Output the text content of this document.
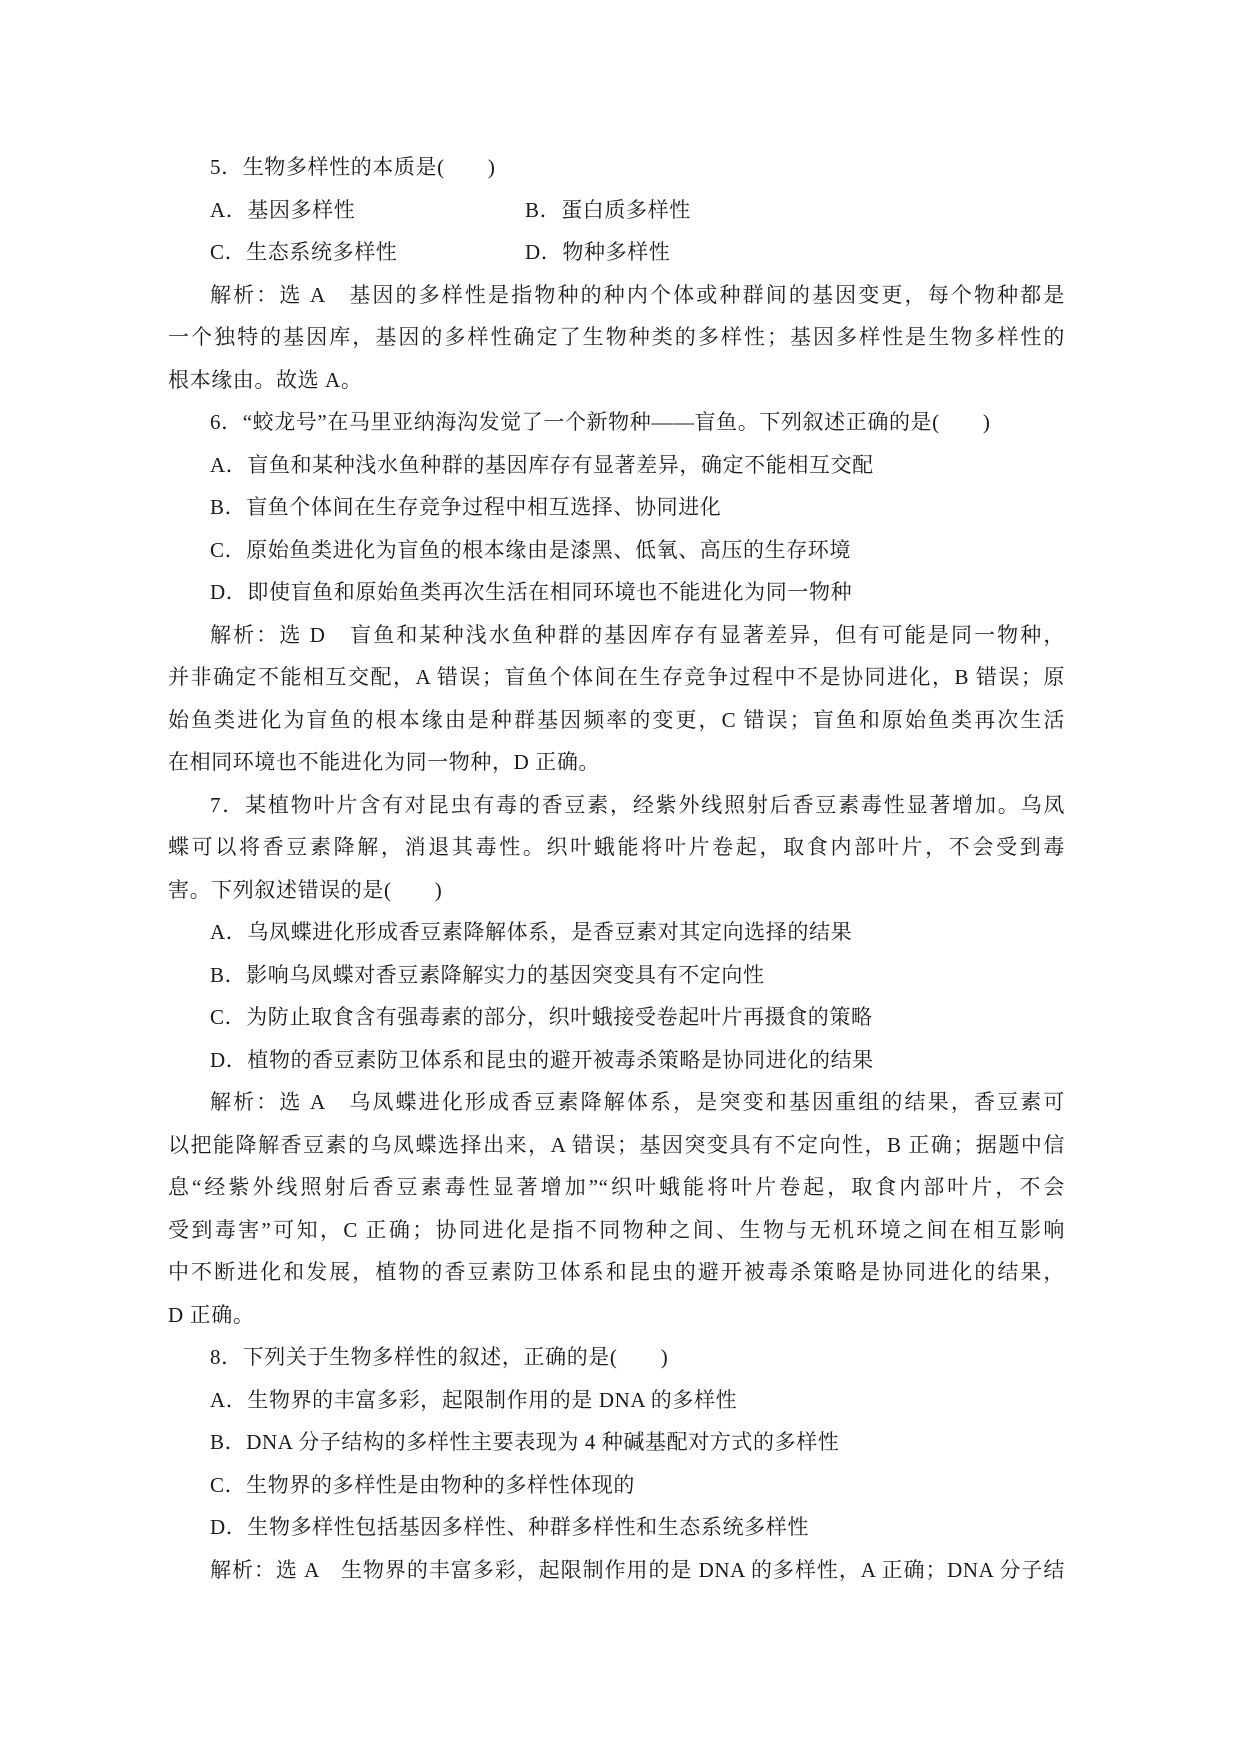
5．生物多样性的本质是(　　)

A．基因多样性	B．蛋白质多样性
C．生态系统多样性	D．物种多样性

解析：选 A　基因的多样性是指物种的种内个体或种群间的基因变更，每个物种都是

一个独特的基因库，基因的多样性确定了生物种类的多样性；基因多样性是生物多样性的

根本缘由。故选 A。

6．“蛟龙号”在马里亚纳海沟发觉了一个新物种——盲鱼。下列叙述正确的是(　　)

A．盲鱼和某种浅水鱼种群的基因库存有显著差异，确定不能相互交配

B．盲鱼个体间在生存竞争过程中相互选择、协同进化

C．原始鱼类进化为盲鱼的根本缘由是漆黑、低氧、高压的生存环境

D．即使盲鱼和原始鱼类再次生活在相同环境也不能进化为同一物种

解析：选 D　盲鱼和某种浅水鱼种群的基因库存有显著差异，但有可能是同一物种，

并非确定不能相互交配，A 错误；盲鱼个体间在生存竞争过程中不是协同进化，B 错误；原

始鱼类进化为盲鱼的根本缘由是种群基因频率的变更，C 错误；盲鱼和原始鱼类再次生活

在相同环境也不能进化为同一物种，D 正确。

7．某植物叶片含有对昆虫有毒的香豆素，经紫外线照射后香豆素毒性显著增加。乌凤

蝶可以将香豆素降解，消退其毒性。织叶蛾能将叶片卷起，取食内部叶片，不会受到毒

害。下列叙述错误的是(　　)

A．乌凤蝶进化形成香豆素降解体系，是香豆素对其定向选择的结果

B．影响乌凤蝶对香豆素降解实力的基因突变具有不定向性

C．为防止取食含有强毒素的部分，织叶蛾接受卷起叶片再摄食的策略

D．植物的香豆素防卫体系和昆虫的避开被毒杀策略是协同进化的结果

解析：选 A　乌凤蝶进化形成香豆素降解体系，是突变和基因重组的结果，香豆素可

以把能降解香豆素的乌凤蝶选择出来，A 错误；基因突变具有不定向性，B 正确；据题中信

息“经紫外线照射后香豆素毒性显著增加”“织叶蛾能将叶片卷起，取食内部叶片，不会

受到毒害”可知，C 正确；协同进化是指不同物种之间、生物与无机环境之间在相互影响

中不断进化和发展，植物的香豆素防卫体系和昆虫的避开被毒杀策略是协同进化的结果，

D 正确。

8．下列关于生物多样性的叙述，正确的是(　　)

A．生物界的丰富多彩，起限制作用的是 DNA 的多样性

B．DNA 分子结构的多样性主要表现为 4 种碱基配对方式的多样性

C．生物界的多样性是由物种的多样性体现的

D．生物多样性包括基因多样性、种群多样性和生态系统多样性

解析：选 A　生物界的丰富多彩，起限制作用的是 DNA 的多样性，A 正确；DNA 分子结
